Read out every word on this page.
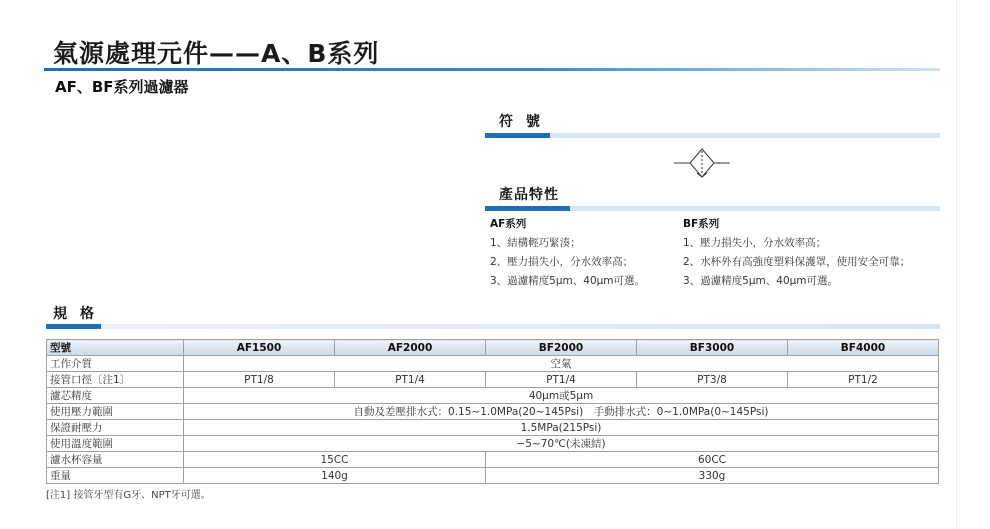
氣源處理元件——A、B系列
AF、BF系列過濾器
符 號
產品特性
AF系列
1、結構輕巧緊湊；
2、壓力損失小，分水效率高；
3、過濾精度5μm、40μm可選。
BF系列
1、壓力損失小，分水效率高；
2、水杯外有高強度塑料保護罩，使用安全可靠；
3、過濾精度5μm、40μm可選。
規 格
型號	AF1500	AF2000	BF2000	BF3000	BF4000
工作介質	空氣				
接管口徑〔注1〕	PT1/8	PT1/4	PT1/4	PT3/8	PT1/2
濾芯精度	40μm或5μm				
使用壓力範圍	自動及差壓排水式：0.15~1.0MPa(20~145Psi)　手動排水式：0~1.0MPa(0~145Psi)				
保證耐壓力	1.5MPa(215Psi)				
使用溫度範圍	−5~70℃(未凍結)				
濾水杯容量	15CC		60CC		
重量	140g		330g		
[注1] 接管牙型有G牙、NPT牙可選。
